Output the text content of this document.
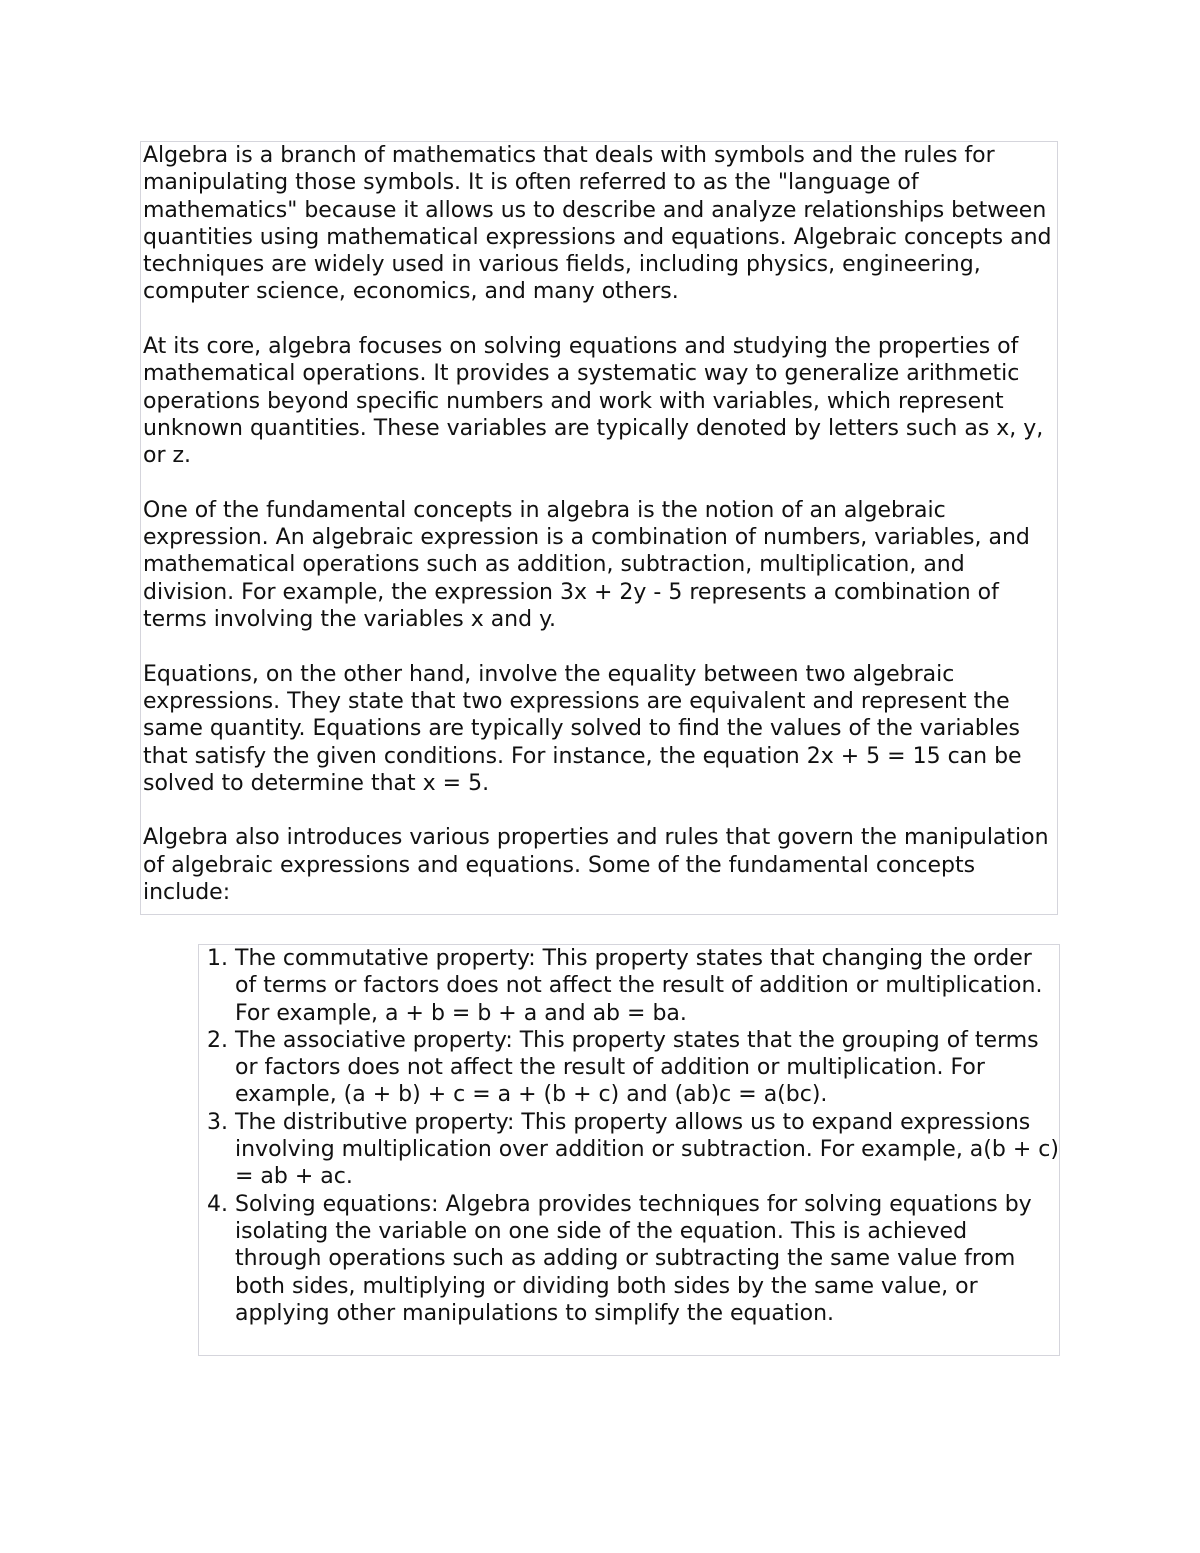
Algebra is a branch of mathematics that deals with symbols and the rules for manipulating those symbols. It is often referred to as the "language of mathematics" because it allows us to describe and analyze relationships between quantities using mathematical expressions and equations. Algebraic concepts and techniques are widely used in various fields, including physics, engineering, computer science, economics, and many others.

At its core, algebra focuses on solving equations and studying the properties of mathematical operations. It provides a systematic way to generalize arithmetic operations beyond specific numbers and work with variables, which represent unknown quantities. These variables are typically denoted by letters such as x, y, or z.

One of the fundamental concepts in algebra is the notion of an algebraic expression. An algebraic expression is a combination of numbers, variables, and mathematical operations such as addition, subtraction, multiplication, and division. For example, the expression 3x + 2y - 5 represents a combination of terms involving the variables x and y.

Equations, on the other hand, involve the equality between two algebraic expressions. They state that two expressions are equivalent and represent the same quantity. Equations are typically solved to find the values of the variables that satisfy the given conditions. For instance, the equation 2x + 5 = 15 can be solved to determine that x = 5.

Algebra also introduces various properties and rules that govern the manipulation of algebraic expressions and equations. Some of the fundamental concepts include:

1. The commutative property: This property states that changing the order of terms or factors does not affect the result of addition or multiplication. For example, a + b = b + a and ab = ba.
2. The associative property: This property states that the grouping of terms or factors does not affect the result of addition or multiplication. For example, (a + b) + c = a + (b + c) and (ab)c = a(bc).
3. The distributive property: This property allows us to expand expressions involving multiplication over addition or subtraction. For example, a(b + c) = ab + ac.
4. Solving equations: Algebra provides techniques for solving equations by isolating the variable on one side of the equation. This is achieved through operations such as adding or subtracting the same value from both sides, multiplying or dividing both sides by the same value, or applying other manipulations to simplify the equation.
